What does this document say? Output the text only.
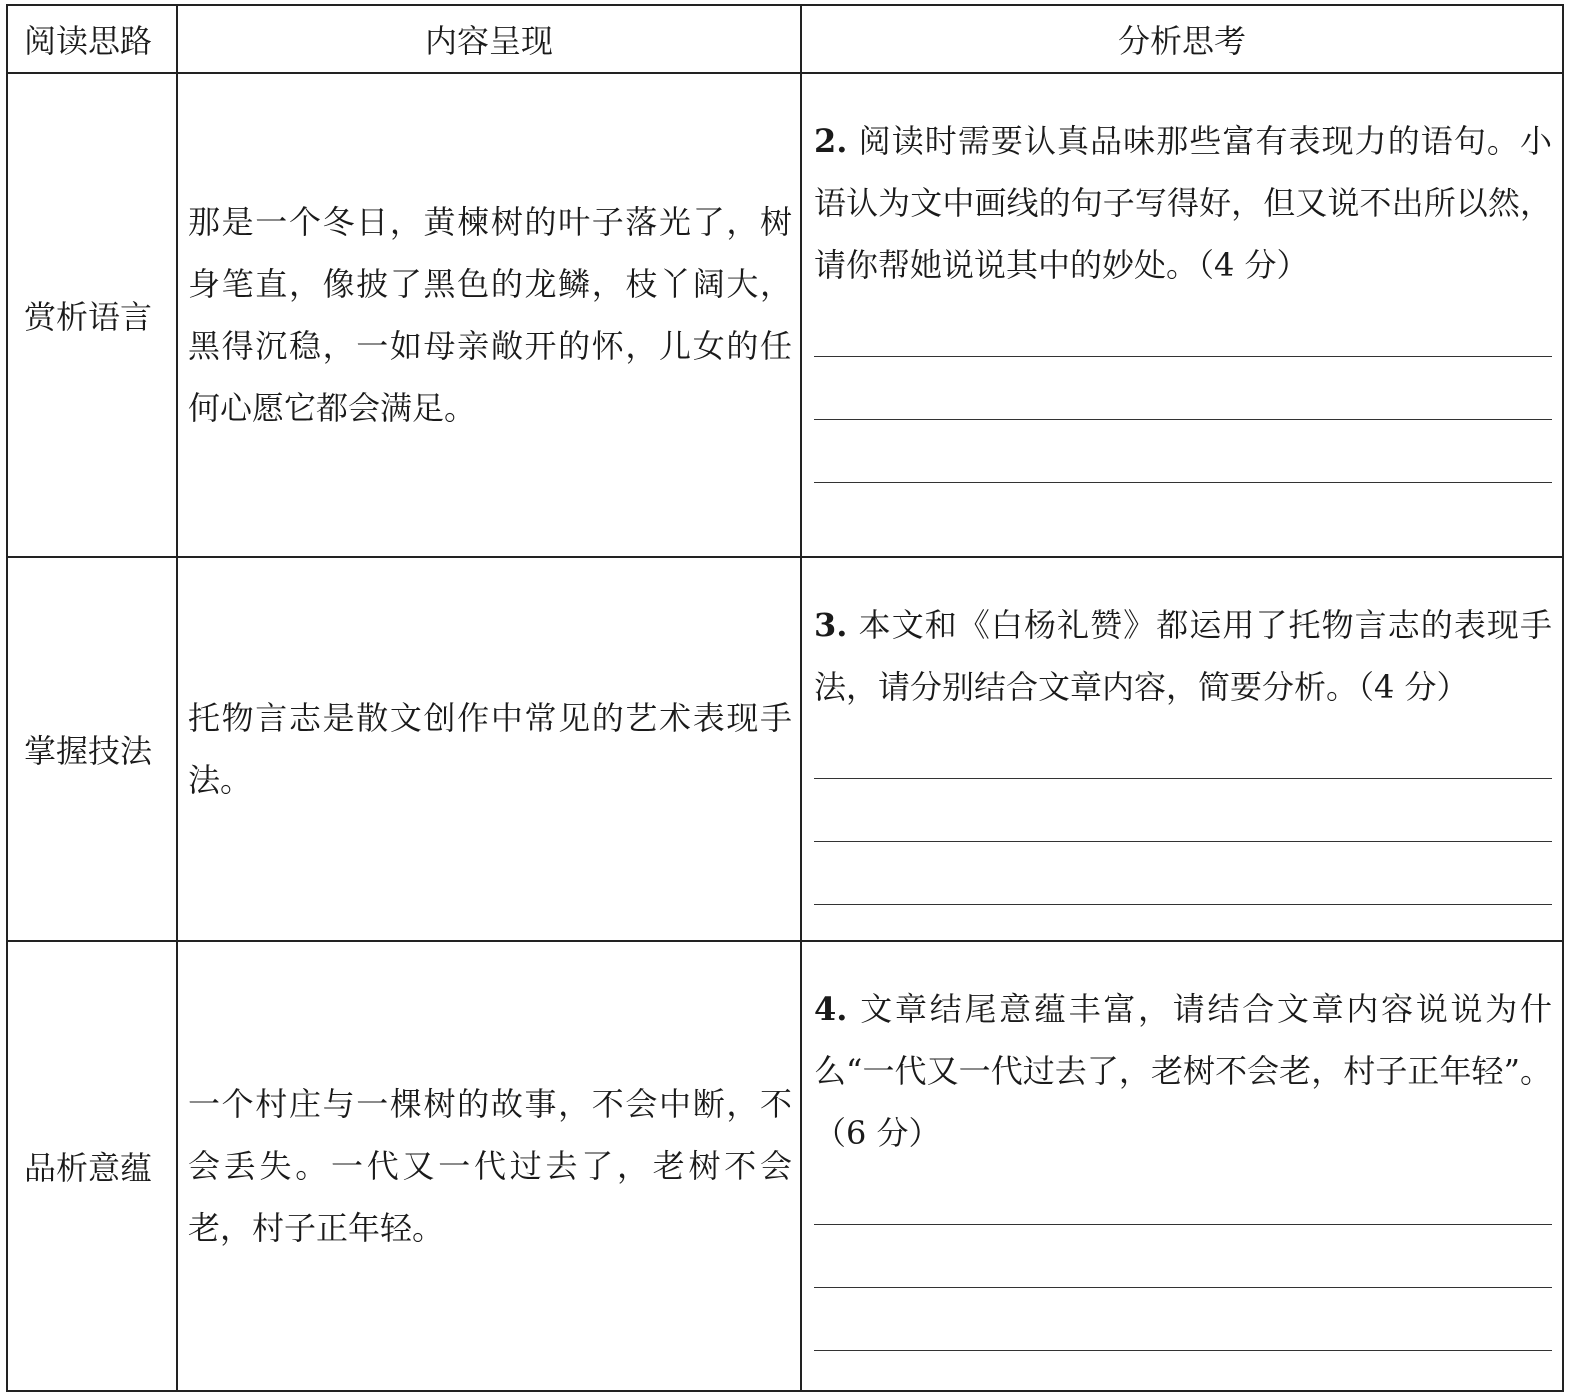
阅读思路	内容呈现	分析思考
赏析语言	那是一个冬日，黄楝树的叶子落光了，树身笔直，像披了黑色的龙鳞，枝丫阔大，黑得沉稳，一如母亲敞开的怀，儿女的任何心愿它都会满足。	2. 阅读时需要认真品味那些富有表现力的语句。小语认为文中画线的句子写得好，但又说不出所以然，请你帮她说说其中的妙处。（4 分）

掌握技法	托物言志是散文创作中常见的艺术表现手法。	3. 本文和《白杨礼赞》都运用了托物言志的表现手法，请分别结合文章内容，简要分析。（4 分）

品析意蕴	一个村庄与一棵树的故事，不会中断，不会丢失。一代又一代过去了，老树不会老，村子正年轻。	4. 文章结尾意蕴丰富，请结合文章内容说说为什么“一代又一代过去了，老树不会老，村子正年轻”。（6 分）
